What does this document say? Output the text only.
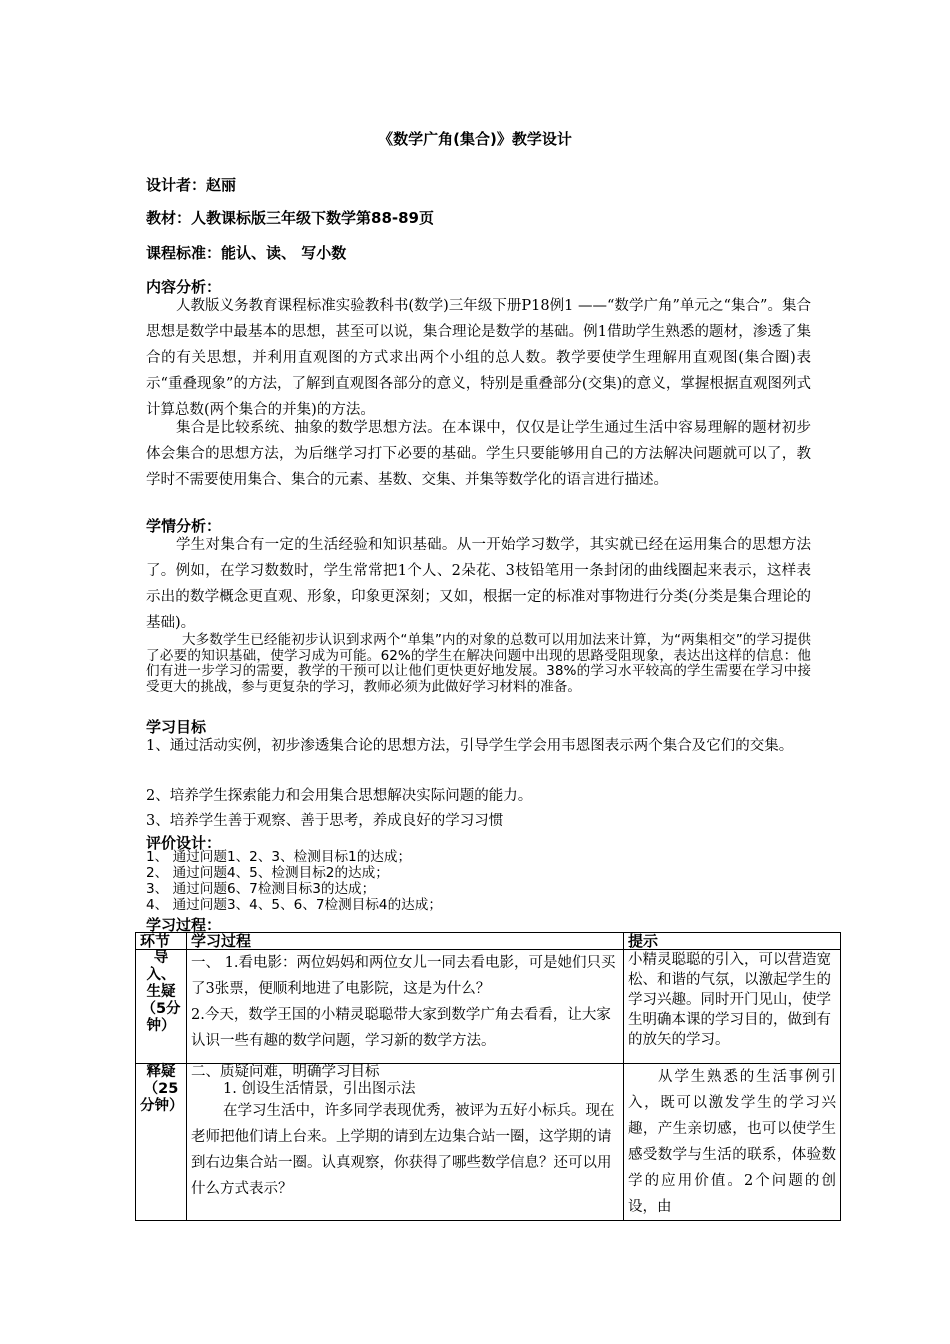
《数学广角(集合)》教学设计
设计者：赵丽
教材：人教课标版三年级下数学第88-89页
课程标准：能认、读、 写小数
内容分析：

人教版义务教育课程标准实验教科书(数学)三年级下册P18例1 ——“数学广角”单元之“集合”。集合思想是数学中最基本的思想，甚至可以说，集合理论是数学的基础。例1借助学生熟悉的题材，渗透了集合的有关思想，并利用直观图的方式求出两个小组的总人数。教学要使学生理解用直观图(集合圈)表示“重叠现象”的方法，了解到直观图各部分的意义，特别是重叠部分(交集)的意义，掌握根据直观图列式计算总数(两个集合的并集)的方法。

集合是比较系统、抽象的数学思想方法。在本课中，仅仅是让学生通过生活中容易理解的题材初步体会集合的思想方法，为后继学习打下必要的基础。学生只要能够用自己的方法解决问题就可以了，教学时不需要使用集合、集合的元素、基数、交集、并集等数学化的语言进行描述。

学情分析：

学生对集合有一定的生活经验和知识基础。从一开始学习数学，其实就已经在运用集合的思想方法了。例如，在学习数数时，学生常常把1个人、2朵花、3枝铅笔用一条封闭的曲线圈起来表示，这样表示出的数学概念更直观、形象，印象更深刻；又如，根据一定的标准对事物进行分类(分类是集合理论的基础)。

大多数学生已经能初步认识到求两个“单集”内的对象的总数可以用加法来计算，为“两集相交”的学习提供了必要的知识基础，使学习成为可能。62%的学生在解决问题中出现的思路受阻现象，表达出这样的信息：他们有进一步学习的需要，教学的干预可以让他们更快更好地发展。38%的学习水平较高的学生需要在学习中接受更大的挑战，参与更复杂的学习，教师必须为此做好学习材料的准备。

学习目标

1、通过活动实例，初步渗透集合论的思想方法，引导学生学会用韦恩图表示两个集合及它们的交集。

2、培养学生探索能力和会用集合思想解决实际问题的能力。

3、培养学生善于观察、善于思考，养成良好的学习习惯

评价设计：

1、 通过问题1、2、3、检测目标1的达成；

2、 通过问题4、5、检测目标2的达成；

3、 通过问题6、7检测目标3的达成；

4、 通过问题3、4、5、6、7检测目标4的达成；

学习过程：
环节	学习过程	提示
导入、生疑（5分钟）	一、 1.看电影：两位妈妈和两位女儿一同去看电影，可是她们只买了3张票，便顺利地进了电影院，这是为什么？
2.今天，数学王国的小精灵聪聪带大家到数学广角去看看，让大家认识一些有趣的数学问题，学习新的数学方法。	小精灵聪聪的引入，可以营造宽松、和谐的气氛，以激起学生的学习兴趣。同时开门见山，使学生明确本课的学习目的，做到有的放矢的学习。
释疑（25分钟）	二、质疑问难，明确学习目标
1. 创设生活情景，引出图示法
在学习生活中，许多同学表现优秀，被评为五好小标兵。现在老师把他们请上台来。上学期的请到左边集合站一圈，这学期的请到右边集合站一圈。认真观察，你获得了哪些数学信息？还可以用什么方式表示？	从学生熟悉的生活事例引入，既可以激发学生的学习兴趣，产生亲切感，也可以使学生感受数学与生活的联系，体验数学的应用价值。2个问题的创设，由
